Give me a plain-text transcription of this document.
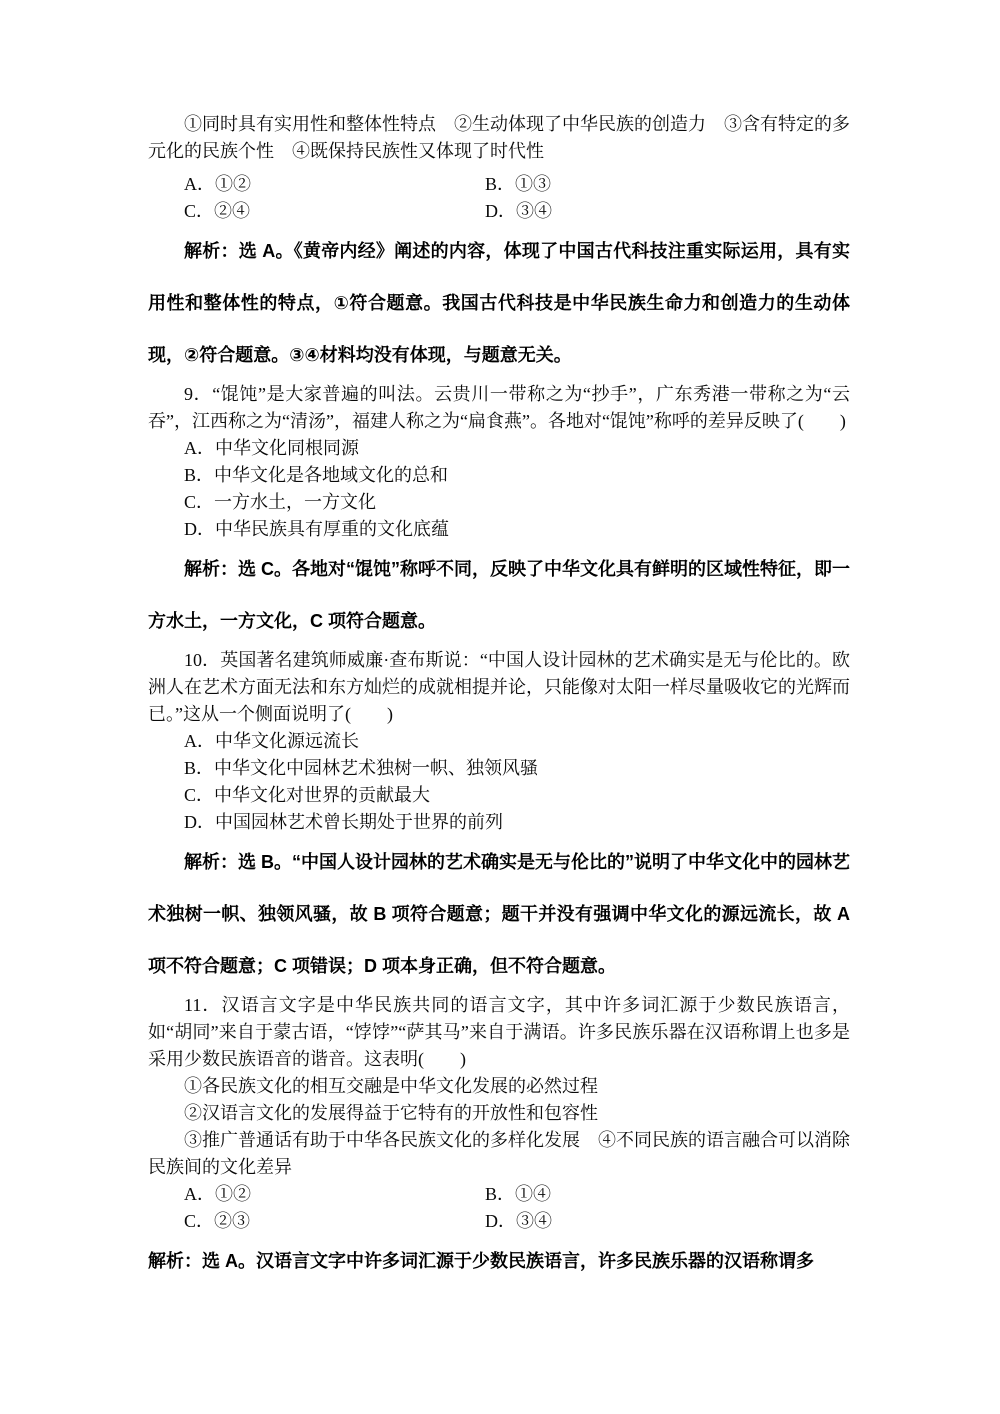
①同时具有实用性和整体性特点　②生动体现了中华民族的创造力　③含有特定的多元化的民族个性　④既保持民族性又体现了时代性
A．①②	B．①③
C．②④	D．③④
解析：选 A。《黄帝内经》阐述的内容，体现了中国古代科技注重实际运用，具有实用性和整体性的特点，①符合题意。我国古代科技是中华民族生命力和创造力的生动体现，②符合题意。③④材料均没有体现，与题意无关。
9．“馄饨”是大家普遍的叫法。云贵川一带称之为“抄手”，广东秀港一带称之为“云吞”，江西称之为“清汤”，福建人称之为“扁食燕”。各地对“馄饨”称呼的差异反映了(　　)
A．中华文化同根同源
B．中华文化是各地域文化的总和
C．一方水土，一方文化
D．中华民族具有厚重的文化底蕴
解析：选 C。各地对“馄饨”称呼不同，反映了中华文化具有鲜明的区域性特征，即一方水土，一方文化，C 项符合题意。
10．英国著名建筑师威廉·查布斯说：“中国人设计园林的艺术确实是无与伦比的。欧洲人在艺术方面无法和东方灿烂的成就相提并论，只能像对太阳一样尽量吸收它的光辉而已。”这从一个侧面说明了(　　)
A．中华文化源远流长
B．中华文化中园林艺术独树一帜、独领风骚
C．中华文化对世界的贡献最大
D．中国园林艺术曾长期处于世界的前列
解析：选 B。“中国人设计园林的艺术确实是无与伦比的”说明了中华文化中的园林艺术独树一帜、独领风骚，故 B 项符合题意；题干并没有强调中华文化的源远流长，故 A 项不符合题意；C 项错误；D 项本身正确，但不符合题意。
11．汉语言文字是中华民族共同的语言文字，其中许多词汇源于少数民族语言，如“胡同”来自于蒙古语，“饽饽”“萨其马”来自于满语。许多民族乐器在汉语称谓上也多是采用少数民族语音的谐音。这表明(　　)
①各民族文化的相互交融是中华文化发展的必然过程
②汉语言文化的发展得益于它特有的开放性和包容性
③推广普通话有助于中华各民族文化的多样化发展　④不同民族的语言融合可以消除民族间的文化差异
A．①②	B．①④
C．②③	D．③④
解析：选 A。汉语言文字中许多词汇源于少数民族语言，许多民族乐器的汉语称谓多
